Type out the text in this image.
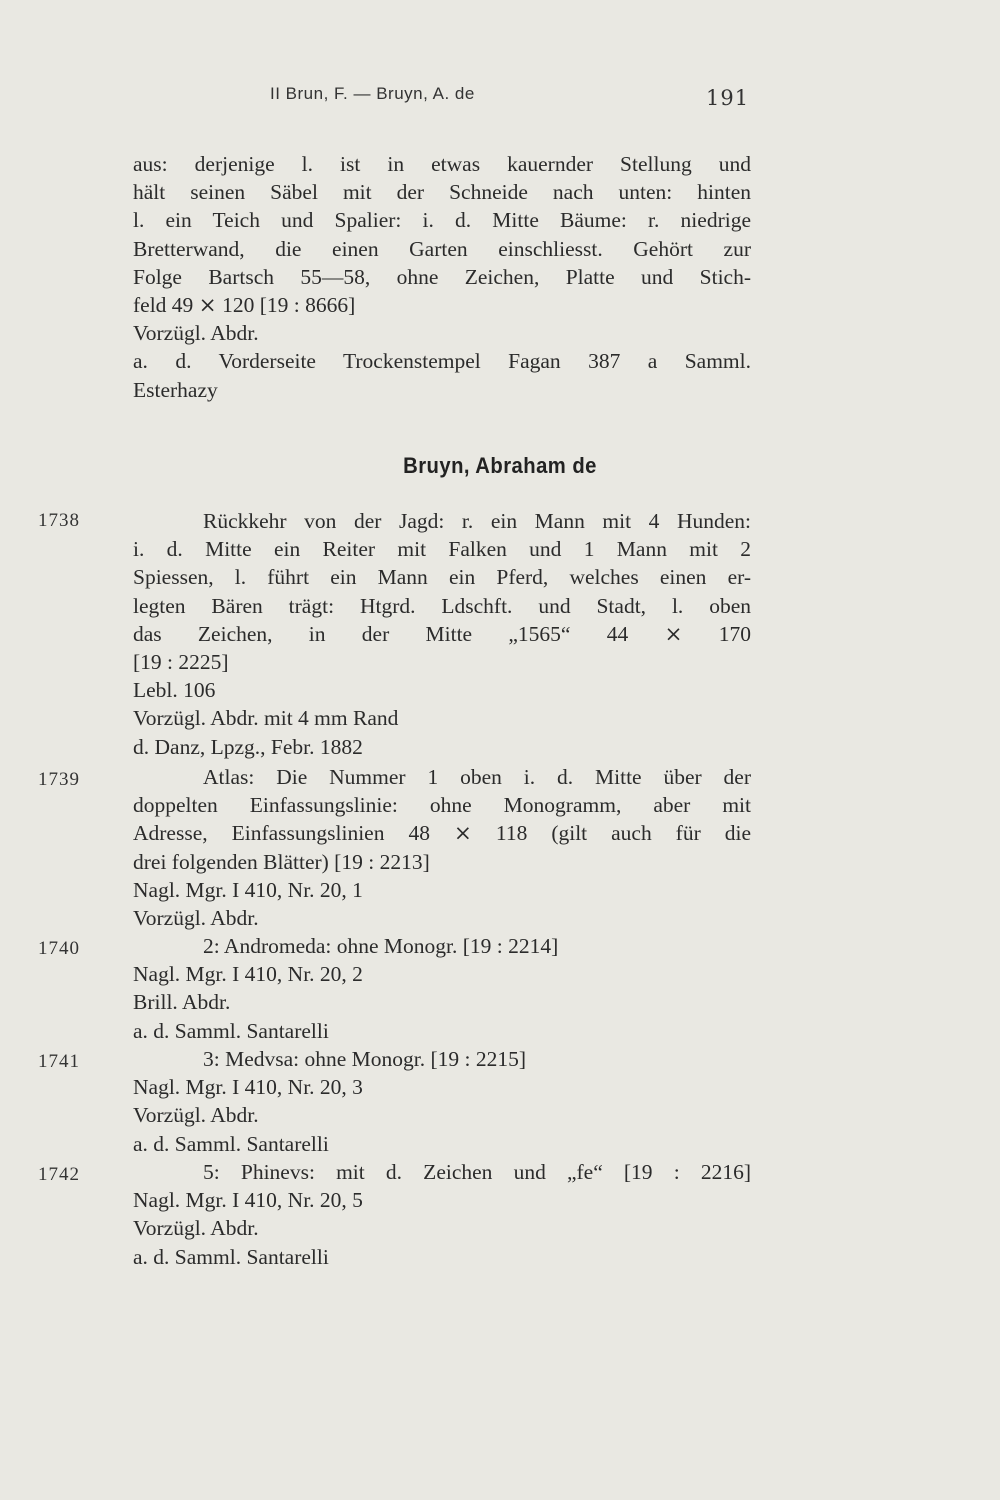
II Brun, F. — Bruyn, A. de	191
aus: derjenige l. ist in etwas kauernder Stellung und
hält seinen Säbel mit der Schneide nach unten: hinten
l. ein Teich und Spalier: i. d. Mitte Bäume: r. niedrige
Bretterwand, die einen Garten einschliesst. Gehört zur
Folge Bartsch 55—58, ohne Zeichen, Platte und Stich-
feld 49 ⨯ 120 [19 : 8666]
Vorzügl. Abdr.
a. d. Vorderseite Trockenstempel Fagan 387 a Samml.
Esterhazy
Bruyn, Abraham de
1738	Rückkehr von der Jagd: r. ein Mann mit 4 Hunden:
i. d. Mitte ein Reiter mit Falken und 1 Mann mit 2
Spiessen, l. führt ein Mann ein Pferd, welches einen er-
legten Bären trägt: Htgrd. Ldschft. und Stadt, l. oben
das Zeichen, in der Mitte „1565“ 44 ⨯ 170
[19 : 2225]
Lebl. 106
Vorzügl. Abdr. mit 4 mm Rand
d. Danz, Lpzg., Febr. 1882
1739	Atlas: Die Nummer 1 oben i. d. Mitte über der
doppelten Einfassungslinie: ohne Monogramm, aber mit
Adresse, Einfassungslinien 48 ⨯ 118 (gilt auch für die
drei folgenden Blätter) [19 : 2213]
Nagl. Mgr. I 410, Nr. 20, 1
Vorzügl. Abdr.
1740	2: Andromeda: ohne Monogr. [19 : 2214]
Nagl. Mgr. I 410, Nr. 20, 2
Brill. Abdr.
a. d. Samml. Santarelli
1741	3: Medvsa: ohne Monogr. [19 : 2215]
Nagl. Mgr. I 410, Nr. 20, 3
Vorzügl. Abdr.
a. d. Samml. Santarelli
1742	5: Phinevs: mit d. Zeichen und „fe“ [19 : 2216]
Nagl. Mgr. I 410, Nr. 20, 5
Vorzügl. Abdr.
a. d. Samml. Santarelli
